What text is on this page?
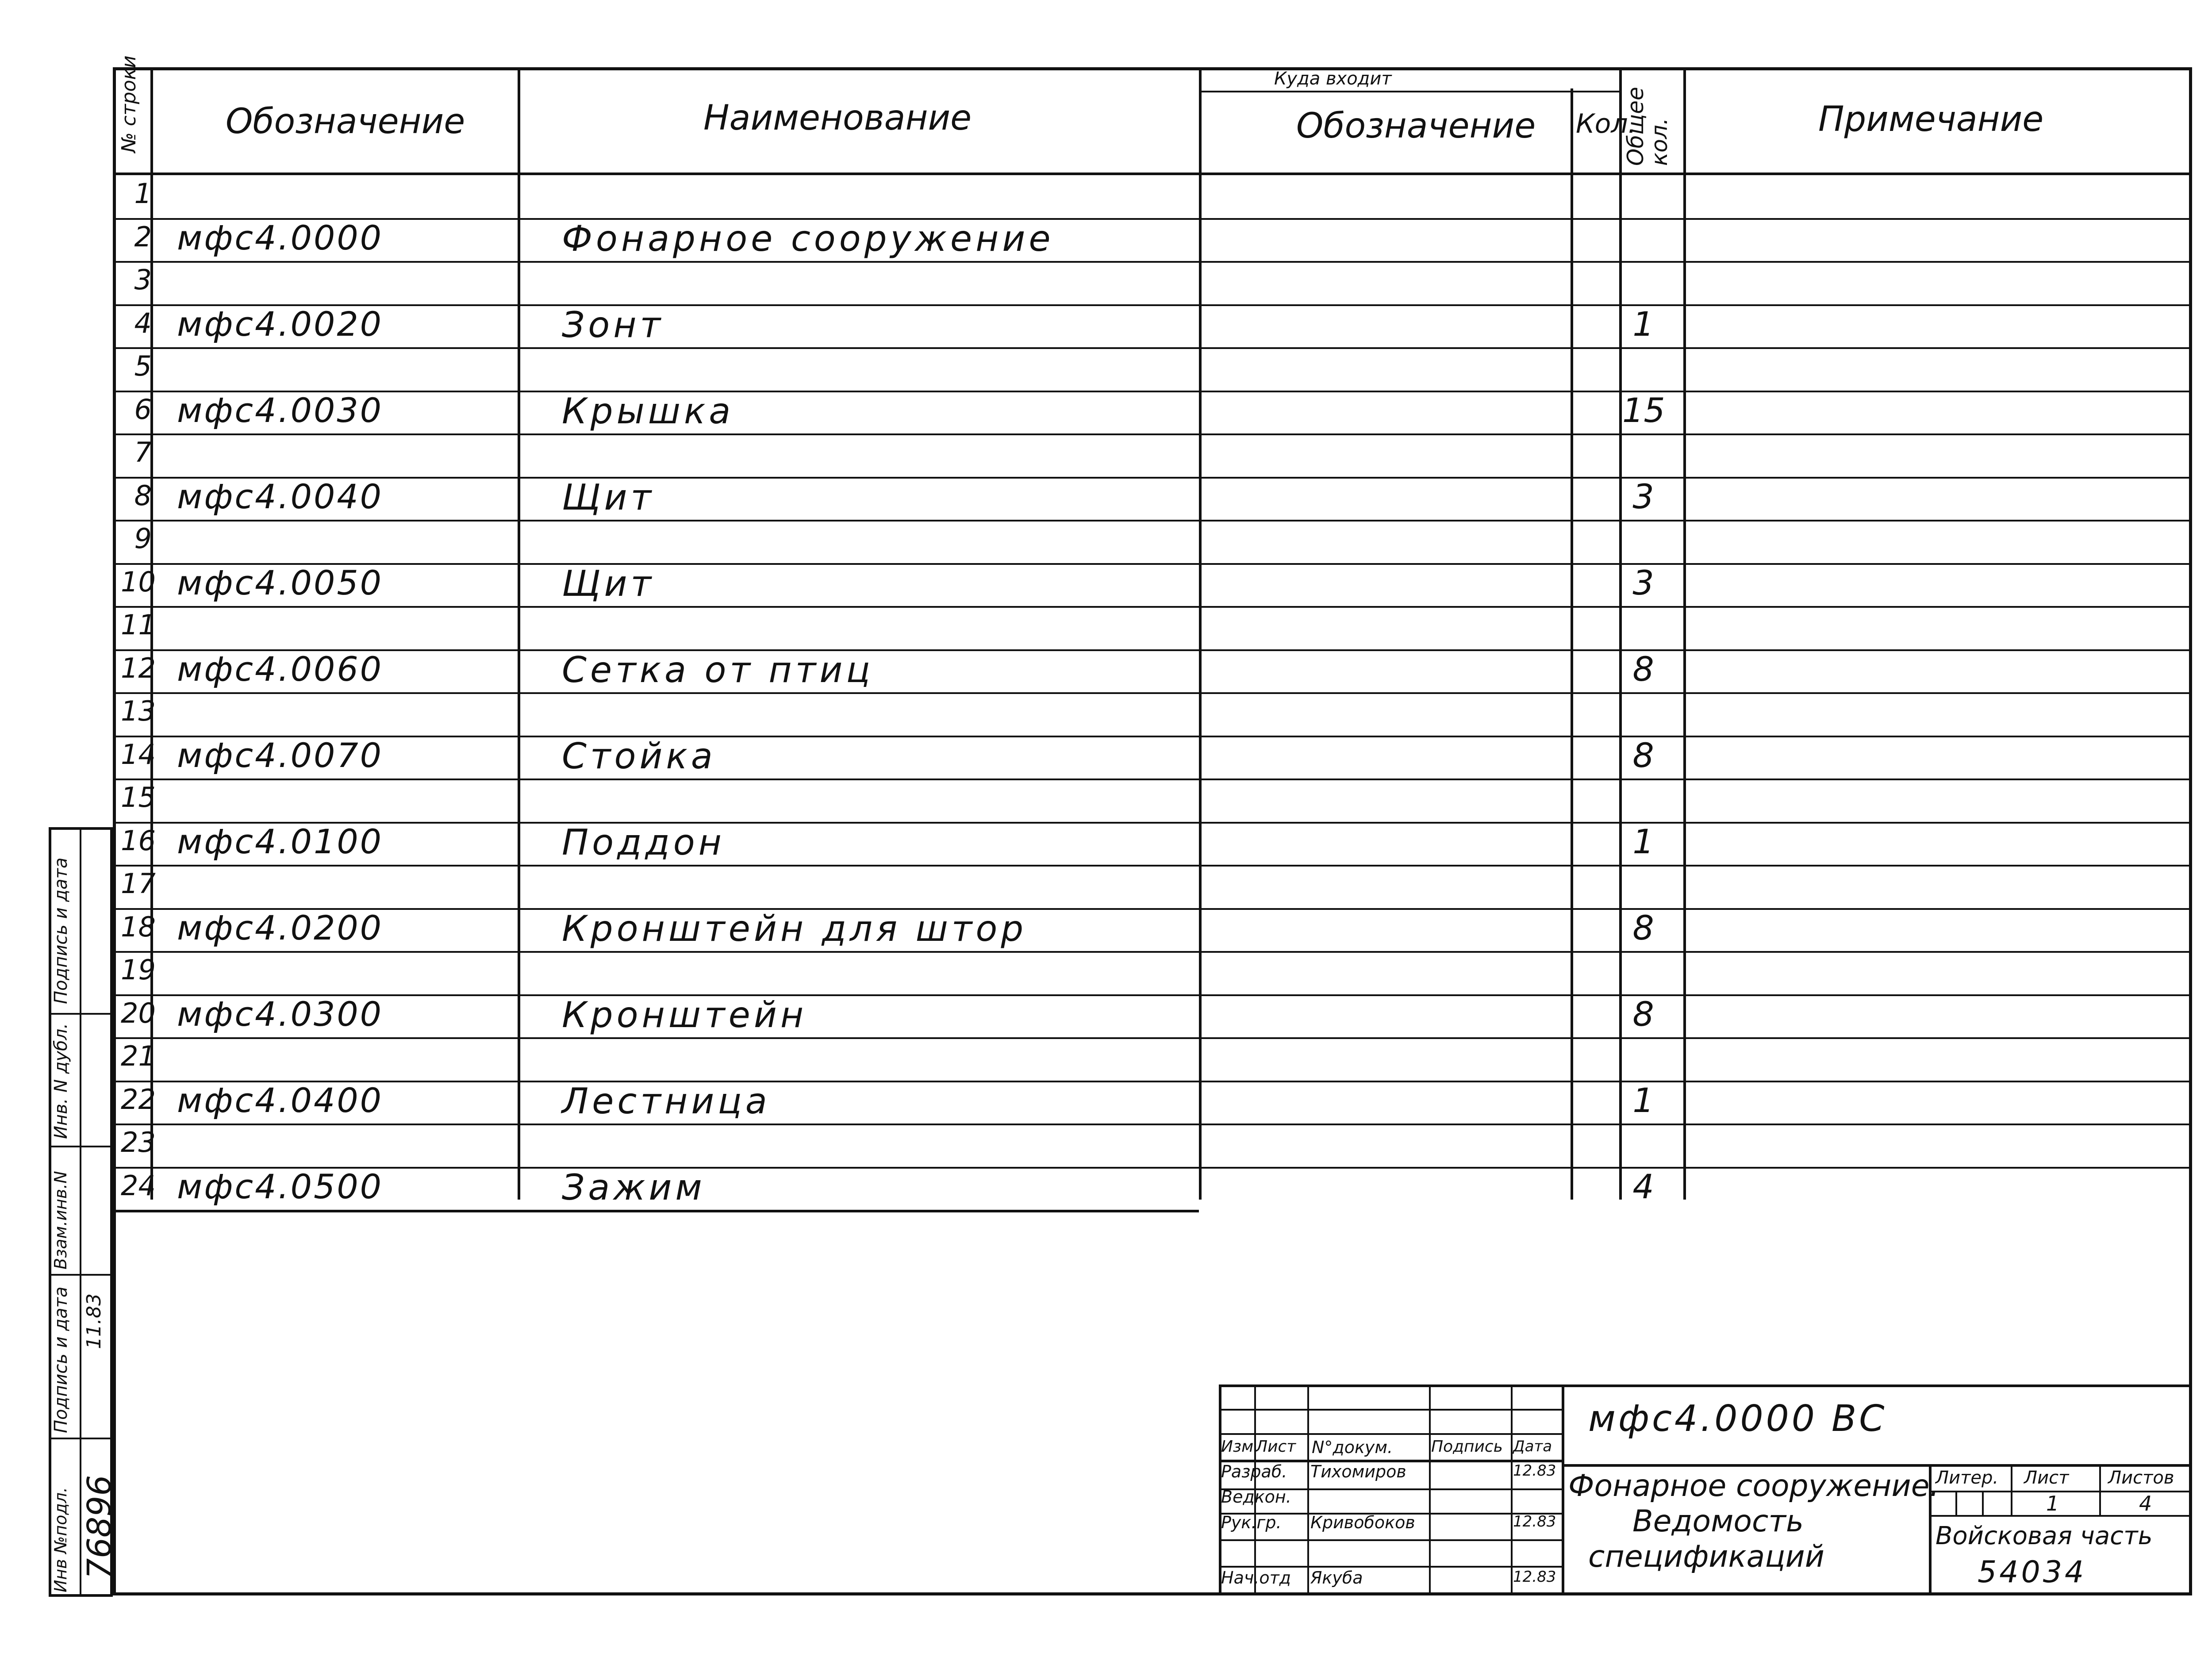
№ строки Обозначение	Наименование
Куда входит
Обозначение Кол.
Общее кол.	Примечание
1
2 мфс4.0000	Фонарное сооружение
3
4 мфс4.0020	Зонт	1
5
6 мфс4.0030	Крышка	15
7
8 мфс4.0040	Щит	3
9
10 мфс4.0050	Щит	3
11
12 мфс4.0060	Сетка от птиц	8
13
14 мфс4.0070	Стойка	8
15
16 мфс4.0100	Поддон	1
17
18 мфс4.0200	Кронштейн для штор	8
19
20 мфс4.0300	Кронштейн	8
21
22 мфс4.0400	Лестница	1
23
24 мфс4.0500	Зажим	4
Подпись и дата
Инв. N дубл.
Взам.инв.N
Подпись и дата 11.83
Инв №подл. 76896
мфс4.0000 ВС
Изм.
Лист N°докум. Подпись Дата
Разраб. Тихомиров	12.83
Ведкон.
Рук.гр. Кривобоков	12.83
Нач.отд Якуба	12.83
Фонарное сооружение.
Ведомость
спецификаций
Литер. Лист Листов
1	4
Войсковая часть
54034
